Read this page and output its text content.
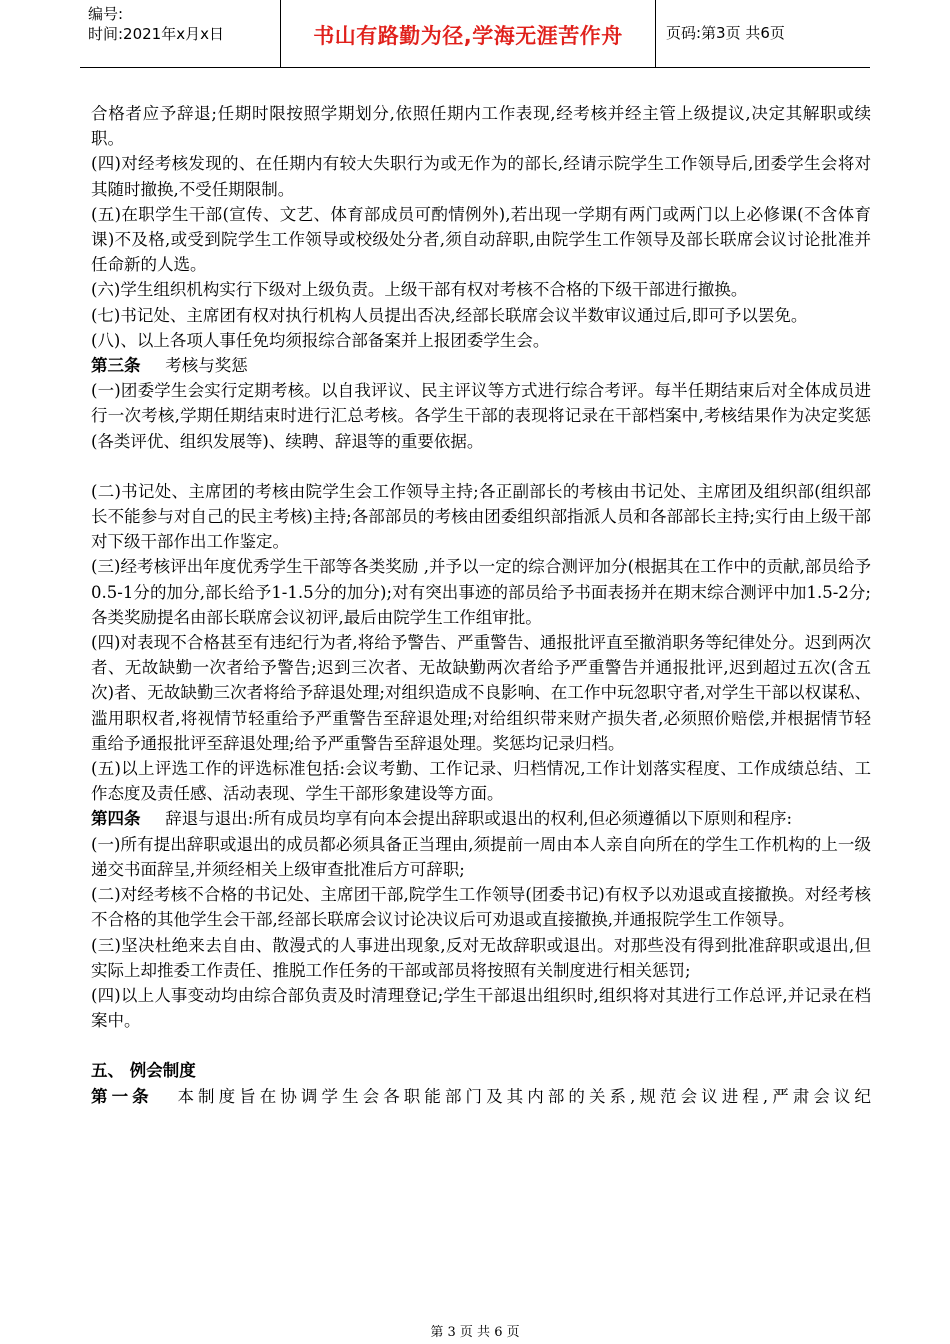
编号:
时间:2021年x月x日	书山有路勤为径,学海无涯苦作舟	页码:第3页 共6页

合格者应予辞退;任期时限按照学期划分,依照任期内工作表现,经考核并经主管上级提议,决定其解职或续职。

(四)对经考核发现的、在任期内有较大失职行为或无作为的部长,经请示院学生工作领导后,团委学生会将对其随时撤换,不受任期限制。

(五)在职学生干部(宣传、文艺、体育部成员可酌情例外),若出现一学期有两门或两门以上必修课(不含体育课)不及格,或受到院学生工作领导或校级处分者,须自动辞职,由院学生工作领导及部长联席会议讨论批准并任命新的人选。

(六)学生组织机构实行下级对上级负责。上级干部有权对考核不合格的下级干部进行撤换。

(七)书记处、主席团有权对执行机构人员提出否决,经部长联席会议半数审议通过后,即可予以罢免。

(八)、以上各项人事任免均须报综合部备案并上报团委学生会。

第三条 考核与奖惩

(一)团委学生会实行定期考核。以自我评议、民主评议等方式进行综合考评。每半任期结束后对全体成员进行一次考核,学期任期结束时进行汇总考核。各学生干部的表现将记录在干部档案中,考核结果作为决定奖惩(各类评优、组织发展等)、续聘、辞退等的重要依据。

(二)书记处、主席团的考核由院学生会工作领导主持;各正副部长的考核由书记处、主席团及组织部(组织部长不能参与对自己的民主考核)主持;各部部员的考核由团委组织部指派人员和各部部长主持;实行由上级干部对下级干部作出工作鉴定。

(三)经考核评出年度优秀学生干部等各类奖励 ,并予以一定的综合测评加分(根据其在工作中的贡献,部员给予0.5-1分的加分,部长给予1-1.5分的加分);对有突出事迹的部员给予书面表扬并在期末综合测评中加1.5-2分;各类奖励提名由部长联席会议初评,最后由院学生工作组审批。

(四)对表现不合格甚至有违纪行为者,将给予警告、严重警告、通报批评直至撤消职务等纪律处分。迟到两次者、无故缺勤一次者给予警告;迟到三次者、无故缺勤两次者给予严重警告并通报批评,迟到超过五次(含五次)者、无故缺勤三次者将给予辞退处理;对组织造成不良影响、在工作中玩忽职守者,对学生干部以权谋私、滥用职权者,将视情节轻重给予严重警告至辞退处理;对给组织带来财产损失者,必须照价赔偿,并根据情节轻重给予通报批评至辞退处理;给予严重警告至辞退处理。奖惩均记录归档。

(五)以上评选工作的评选标准包括:会议考勤、工作记录、归档情况,工作计划落实程度、工作成绩总结、工作态度及责任感、活动表现、学生干部形象建设等方面。

第四条 辞退与退出:所有成员均享有向本会提出辞职或退出的权利,但必须遵循以下原则和程序:

(一)所有提出辞职或退出的成员都必须具备正当理由,须提前一周由本人亲自向所在的学生工作机构的上一级递交书面辞呈,并须经相关上级审查批准后方可辞职;

(二)对经考核不合格的书记处、主席团干部,院学生工作领导(团委书记)有权予以劝退或直接撤换。对经考核不合格的其他学生会干部,经部长联席会议讨论决议后可劝退或直接撤换,并通报院学生工作领导。

(三)坚决杜绝来去自由、散漫式的人事进出现象,反对无故辞职或退出。对那些没有得到批准辞职或退出,但实际上却推委工作责任、推脱工作任务的干部或部员将按照有关制度进行相关惩罚;

(四)以上人事变动均由综合部负责及时清理登记;学生干部退出组织时,组织将对其进行工作总评,并记录在档案中。

五、 例会制度

第一条 本制度旨在协调学生会各职能部门及其内部的关系,规范会议进程,严肃会议纪

第 3 页 共 6 页
